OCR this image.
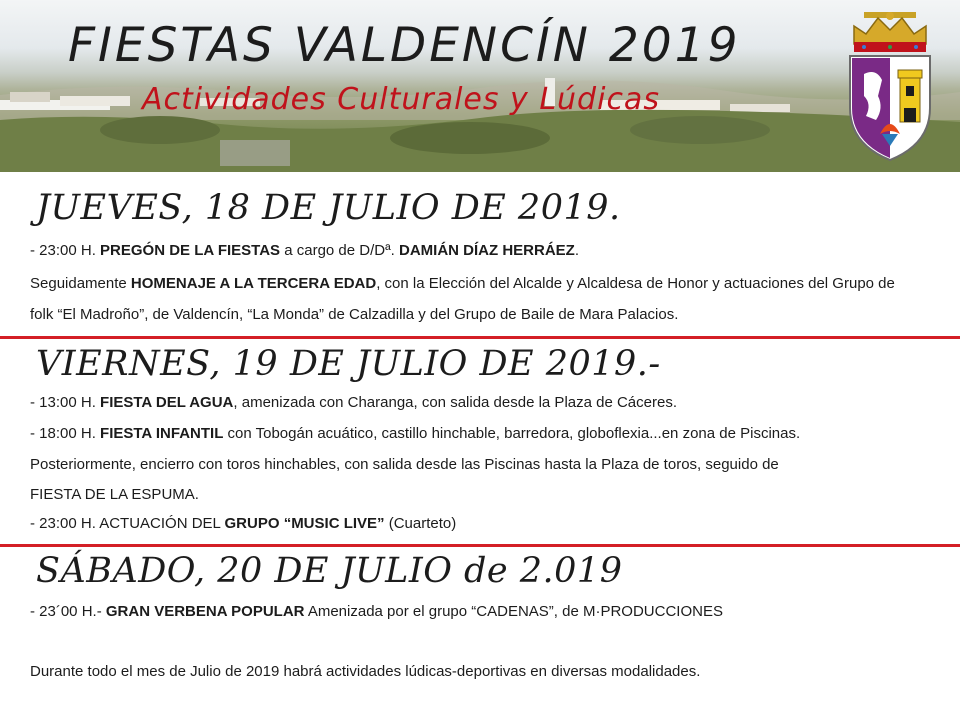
FIESTAS VALDENCÍN 2019
Actividades Culturales y Lúdicas
JUEVES, 18 DE JULIO DE 2019.
- 23:00 H. PREGÓN DE LA FIESTAS a cargo de D/Dª. DAMIÁN DÍAZ HERRÁEZ.
Seguidamente HOMENAJE A LA TERCERA EDAD, con la Elección del Alcalde y Alcaldesa de Honor y actuaciones del Grupo de
folk “El Madroño”, de Valdencín, “La Monda” de Calzadilla y del Grupo de Baile de Mara Palacios.
VIERNES, 19 DE JULIO DE 2019.-
- 13:00 H. FIESTA DEL AGUA, amenizada con Charanga, con salida desde la Plaza de Cáceres.
- 18:00 H. FIESTA INFANTIL con Tobogán acuático, castillo hinchable, barredora, globoflexia...en zona de Piscinas.
Posteriormente, encierro con toros hinchables, con salida desde las Piscinas hasta la Plaza de toros, seguido de
FIESTA DE LA ESPUMA.
- 23:00 H. ACTUACIÓN DEL GRUPO “MUSIC LIVE” (Cuarteto)
SÁBADO, 20 DE JULIO de 2.019
- 23´00 H.- GRAN VERBENA POPULAR Amenizada por el grupo “CADENAS”, de M·PRODUCCIONES
Durante todo el mes de Julio de 2019 habrá actividades lúdicas-deportivas en diversas modalidades.
